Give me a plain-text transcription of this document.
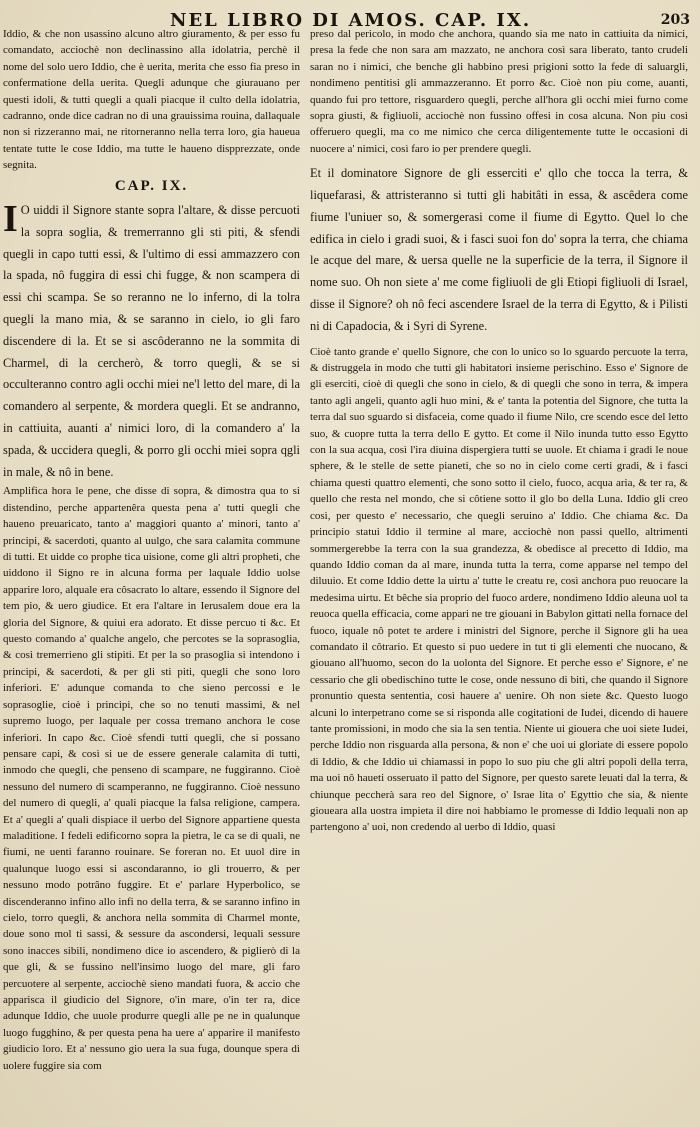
NEL LIBRO DI AMOS. CAP. IX.	203

Iddio, & che non usassino alcuno altro giuramento, & per esso fu comandato, acciochè non declinassino alla idolatria, perchè il nome del solo uero Iddio, che è uerita, merita che esso fia preso in confermatione della uerita. Quegli adunque che giurauano per questi idoli, & tutti quegli a quali piacque il culto della idolatria, cadranno, onde dice cadran no di una grauissima rouina, dallaquale non si rizzeranno mai, ne ritorneranno nella terra loro, gia haueua tentate tutte le cose Iddio, ma tutte le haueno dispprezzate, onde segnita.

CAP. IX.

I O uiddi il Signore stante sopra l'altare, & disse percuoti la sopra soglia, & tremerranno gli sti piti, & sfendi quegli in capo tutti essi, & l'ultimo di essi ammazzero con la spada, nô fuggira di essi chi fugge, & non scampera di essi chi scampa. Se so reranno ne lo inferno, di la tolra quegli la mano mia, & se saranno in cielo, io gli faro discendere di la. Et se si ascôderanno ne la sommita di Charmel, di la cercherò, & torro quegli, & se si occulteranno contro agli occhi miei ne'l letto del mare, di la comandero al serpente, & mordera quegli. Et se andranno, in cattiuita, auanti a' nimici loro, di la comandero a' la spada, & uccidera quegli, & porro gli occhi miei sopra qgli in male, & nô in bene.

Amplifica hora le pene, che disse di sopra, & dimostra qua to si distendino, perche appartenêra questa pena a' tutti quegli che haueno preuaricato, tanto a' maggiori quanto a' minori, tanto a' principi, & sacerdoti, quanto al uulgo, che sara calamita commune di tutti. Et uidde co prophe tica uisione, come gli altri propheti, che uiddono il Signo re in alcuna forma per laquale Iddio uolse apparire loro, alquale era côsacrato lo altare, essendo il Signore del tem pio, & uero giudice. Et era l'altare in Ierusalem doue era la gloria del Signore, & quiui era adorato. Et disse percuo ti &c. Et questo comando a' qualche angelo, che percotes se la soprasoglia, & cosi tremerrieno gli stipiti. Et per la so prasoglia si intendono i principi, & sacerdoti, & per gli sti piti, quegli che sono loro inferiori. E' adunque comanda to che sieno percossi e le soprasoglie, cioè i principi, che so no tenuti massimi, & nel supremo luogo, per laquale per cossa tremano anchora le cose inferiori. In capo &c. Cioè sfendi tutti quegli, che si possano pensare capi, & così si ue de essere generale calamita di tutti, inmodo che quegli, che penseno di scampare, ne fuggiranno. Cioè nessuno del numero di scamperanno, ne fuggiranno. Cioè nessuno del numero di quegli, a' quali piacque la falsa religione, campera. Et a' quegli a' quali dispiace il uerbo del Signore appartiene questa maladitione. I fedeli edificorno sopra la pietra, le ca se di quali, ne fiumi, ne uenti faranno rouinare. Se foreran no. Et uuol dire in qualunque luogo essi si ascondaranno, io gli trouerro, & per nessuno modo potrâno fuggire. Et e' parlare Hyperbolico, se discenderanno infino allo infi no della terra, & se saranno infino in cielo, torro quegli, & anchora nella sommita di Charmel monte, doue sono mol ti sassi, & sessure da ascondersi, lequali sessure sono inacces sibili, nondimeno dice io ascendero, & piglierò di la que gli, & se fussino nell'insimo luogo del mare, gli faro percuotere al serpente, acciochè sieno mandati fuora, & accio che apparisca il giudicio del Signore, o'in mare, o'in ter ra, dice adunque Iddio, che uuole produrre quegli alle pe ne in qualunque luogo fugghino, & per questa pena ha uere a' apparire il manifesto giudicio loro. Et a' nessuno gio uera la sua fuga, dounque spera di uolere fuggire sia com

preso dal pericolo, in modo che anchora, quando sia me nato in cattiuita da nimici, presa la fede che non sara am mazzato, ne anchora così sara liberato, tanto crudeli saran no i nimici, che benche gli habbino presi prigioni sotto la fede di saluargli, nondimeno pentitisi gli ammazzeranno. Et porro &c. Cioè non piu come, auanti, quando fui pro tettore, risguardero quegli, perche all'hora gli occhi miei furno come sopra giusti, & figliuoli, acciochè non fussino offesi in cosa alcuna. Non piu così offeruero quegli, ma co me nimico che cerca diligentemente tutte le occasioni di nuocere a' nimici, così faro io per prendere quegli.

Et il dominatore Signore de gli esserciti e' qllo che tocca la terra, & liquefarasi, & attristeranno si tutti gli habitâti in essa, & ascêdera come fiume l'uniuer so, & somergerasi come il fiume di Egytto. Quel lo che edifica in cielo i gradi suoi, & i fasci suoi fon do' sopra la terra, che chiama le acque del mare, & uersa quelle ne la superficie de la terra, il Signore il nome suo. Oh non siete a' me come figliuoli de gli Etiopi figliuoli di Israel, disse il Signore? oh nô feci ascendere Israel de la terra di Egytto, & i Pilisti ni di Capadocia, & i Syri di Syrene.

Cioè tanto grande e' quello Signore, che con lo unico so lo sguardo percuote la terra, & distruggela in modo che tutti gli habitatori insieme perischino. Esso e' Signore de gli eserciti, cioè di quegli che sono in cielo, & di quegli che sono in terra, & impera tanto agli angeli, quanto agli huo mini, & e' tanta la potentia del Signore, che tutta la terra dal suo sguardo si disfaceia, come quado il fiume Nilo, cre scendo esce del letto suo, & cuopre tutta la terra dello E gytto. Et come il Nilo inunda tutto esso Egytto con la sua acqua, così l'ira diuina dispergiera tutti se uuole. Et chiama i gradi le noue sphere, & le stelle de sette pianeti, che so no in cielo come certi gradi, & i fasci chiama questi quattro elementi, che sono sotto il cielo, fuoco, acqua aria, & ter ra, & quello che resta nel mondo, che si côtiene sotto il glo bo della Luna. Iddio gli creo così, per questo e' necessario, che quegli seruino a' Iddio. Che chiama &c. Da principio statui Iddio il termine al mare, acciochè non passi quello, altrimenti sommergerebbe la terra con la sua grandezza, & obedisce al precetto di Iddio, ma quando Iddio coman da al mare, inunda tutta la terra, come apparse nel tempo del diluuio. Et come Iddio dette la uirtu a' tutte le creatu re, così anchora puo reuocare la medesima uirtu. Et bêche sia proprio del fuoco ardere, nondimeno Iddio aleuna uol ta reuoca quella efficacia, come appari ne tre giouani in Babylon gittati nella fornace del fuoco, iquale nô potet te ardere i ministri del Signore, perche il Signore gli ha uea comandato il côtrario. Et questo si puo uedere in tut ti gli elementi che nuocano, & giouano all'huomo, secon do la uolonta del Signore. Et perche esso e' Signore, e' ne cessario che gli obedischino tutte le cose, onde nessuno di biti, che quando il Signore pronuntio questa sententia, così hauere a' uenire. Oh non siete &c. Questo luogo alcuni lo interpetrano come se si risponda alle cogitationi de Iudei, dicendo di hauere tante promissioni, in modo che sia la sen tentia. Niente ui giouera che uoi siete Iudei, perche Iddio non risguarda alla persona, & non e' che uoi ui gloriate di essere popolo di Iddio, & che Iddio ui chiamassi in popo lo suo piu che gli altri popoli della terra, ma uoi nô haueti osseruato il patto del Signore, per questo sarete leuati dal la terra, & chiunque peccherà sara reo del Signore, o' Israe lita o' Egyttio che sia, & niente gioueara alla uostra impieta il dire noi habbiamo le promesse di Iddio lequali non ap partengono a' uoi, non credendo al uerbo di Iddio, quasi
